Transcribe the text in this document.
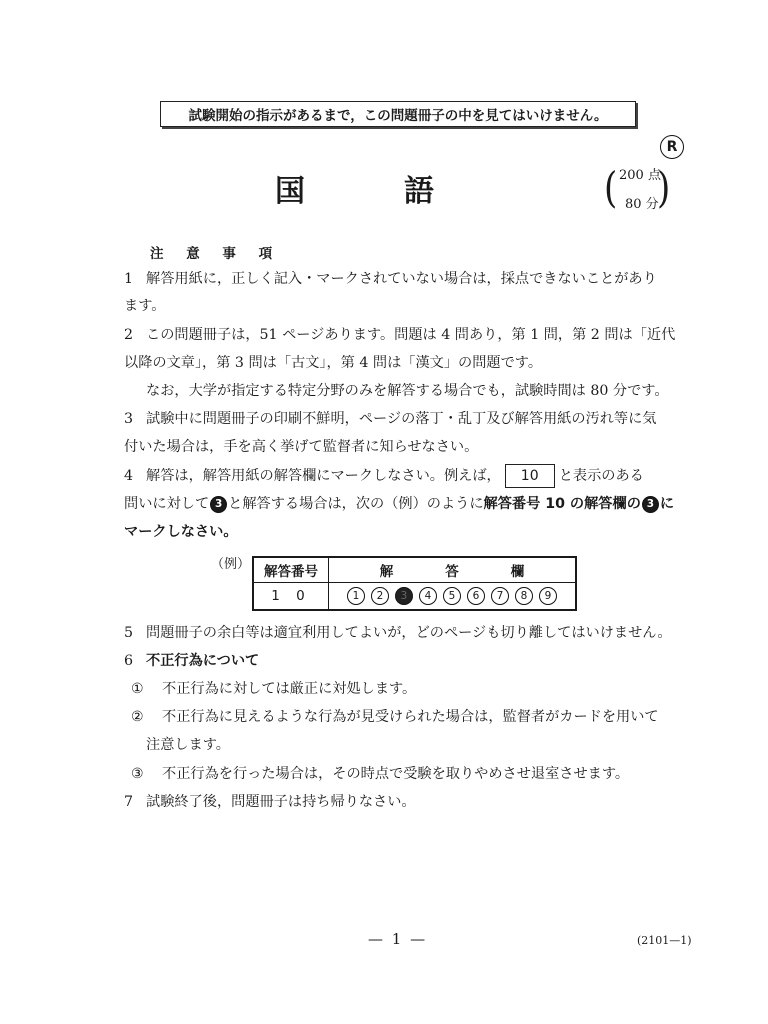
試験開始の指示があるまで，この問題冊子の中を見てはいけません。
R
国	語	( )
200 点
80 分
注 意 事 項
1 解答用紙に，正しく記入・マークされていない場合は，採点できないことがあり
ます。
2 この問題冊子は，51 ページあります。問題は 4 問あり，第 1 問，第 2 問は「近代
以降の文章」，第 3 問は「古文」，第 4 問は「漢文」の問題です。
なお，大学が指定する特定分野のみを解答する場合でも，試験時間は 80 分です。
3 試験中に問題冊子の印刷不鮮明，ページの落丁・乱丁及び解答用紙の汚れ等に気
付いた場合は，手を高く挙げて監督者に知らせなさい。
4 解答は，解答用紙の解答欄にマークしなさい。例えば， 10 と表示のある
問いに対して 3 と解答する場合は，次の（例）のように解答番号 10 の解答欄の 3 に
マークしなさい。
（例） 解答番号	解 答 欄
1 0	1 2 3 4 5 6 7 8 9
5 問題冊子の余白等は適宜利用してよいが，どのページも切り離してはいけません。
6 不正行為について
① 不正行為に対しては厳正に対処します。
② 不正行為に見えるような行為が見受けられた場合は，監督者がカードを用いて
注意します。
③ 不正行為を行った場合は，その時点で受験を取りやめさせ退室させます。
7 試験終了後，問題冊子は持ち帰りなさい。
— 1 —	(2101—1)
